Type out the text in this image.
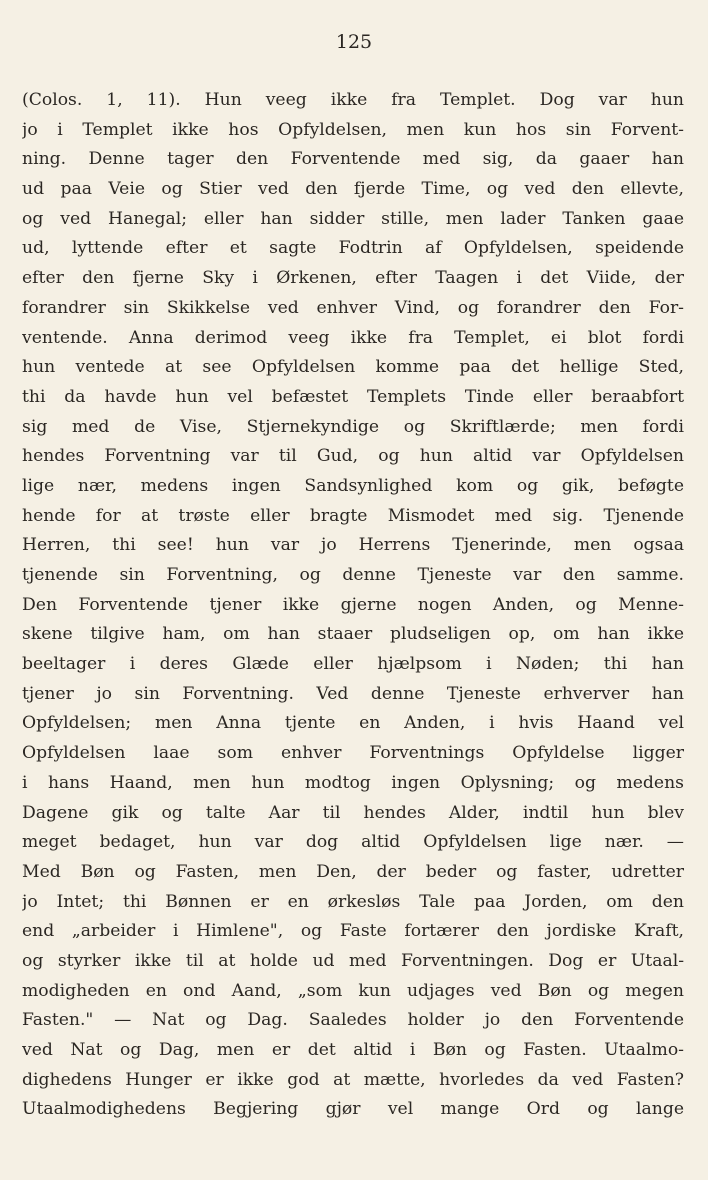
125
(Colos. 1, 11). Hun veeg ikke fra Templet. Dog var hun
jo i Templet ikke hos Opfyldelsen, men kun hos sin Forvent-
ning. Denne tager den Forventende med sig, da gaaer han
ud paa Veie og Stier ved den fjerde Time, og ved den ellevte,
og ved Hanegal; eller han sidder stille, men lader Tanken gaae
ud, lyttende efter et sagte Fodtrin af Opfyldelsen, speidende
efter den fjerne Sky i Ørkenen, efter Taagen i det Viide, der
forandrer sin Skikkelse ved enhver Vind, og forandrer den For-
ventende. Anna derimod veeg ikke fra Templet, ei blot fordi
hun ventede at see Opfyldelsen komme paa det hellige Sted,
thi da havde hun vel befæstet Templets Tinde eller beraabfort
sig med de Vise, Stjernekyndige og Skriftlærde; men fordi
hendes Forventning var til Gud, og hun altid var Opfyldelsen
lige nær, medens ingen Sandsynlighed kom og gik, beføgte
hende for at trøste eller bragte Mismodet med sig. Tjenende
Herren, thi see! hun var jo Herrens Tjenerinde, men ogsaa
tjenende sin Forventning, og denne Tjeneste var den samme.
Den Forventende tjener ikke gjerne nogen Anden, og Menne-
skene tilgive ham, om han staaer pludseligen op, om han ikke
beeltager i deres Glæde eller hjælpsom i Nøden; thi han
tjener jo sin Forventning. Ved denne Tjeneste erhverver han
Opfyldelsen; men Anna tjente en Anden, i hvis Haand vel
Opfyldelsen laae som enhver Forventnings Opfyldelse ligger
i hans Haand, men hun modtog ingen Oplysning; og medens
Dagene gik og talte Aar til hendes Alder, indtil hun blev
meget bedaget, hun var dog altid Opfyldelsen lige nær. —
Med Bøn og Fasten, men Den, der beder og faster, udretter
jo Intet; thi Bønnen er en ørkesløs Tale paa Jorden, om den
end „arbeider i Himlene", og Faste fortærer den jordiske Kraft,
og styrker ikke til at holde ud med Forventningen. Dog er Utaal-
modigheden en ond Aand, „som kun udjages ved Bøn og megen
Fasten." — Nat og Dag. Saaledes holder jo den Forventende
ved Nat og Dag, men er det altid i Bøn og Fasten. Utaalmo-
dighedens Hunger er ikke god at mætte, hvorledes da ved Fasten?
Utaalmodighedens Begjering gjør vel mange Ord og lange
